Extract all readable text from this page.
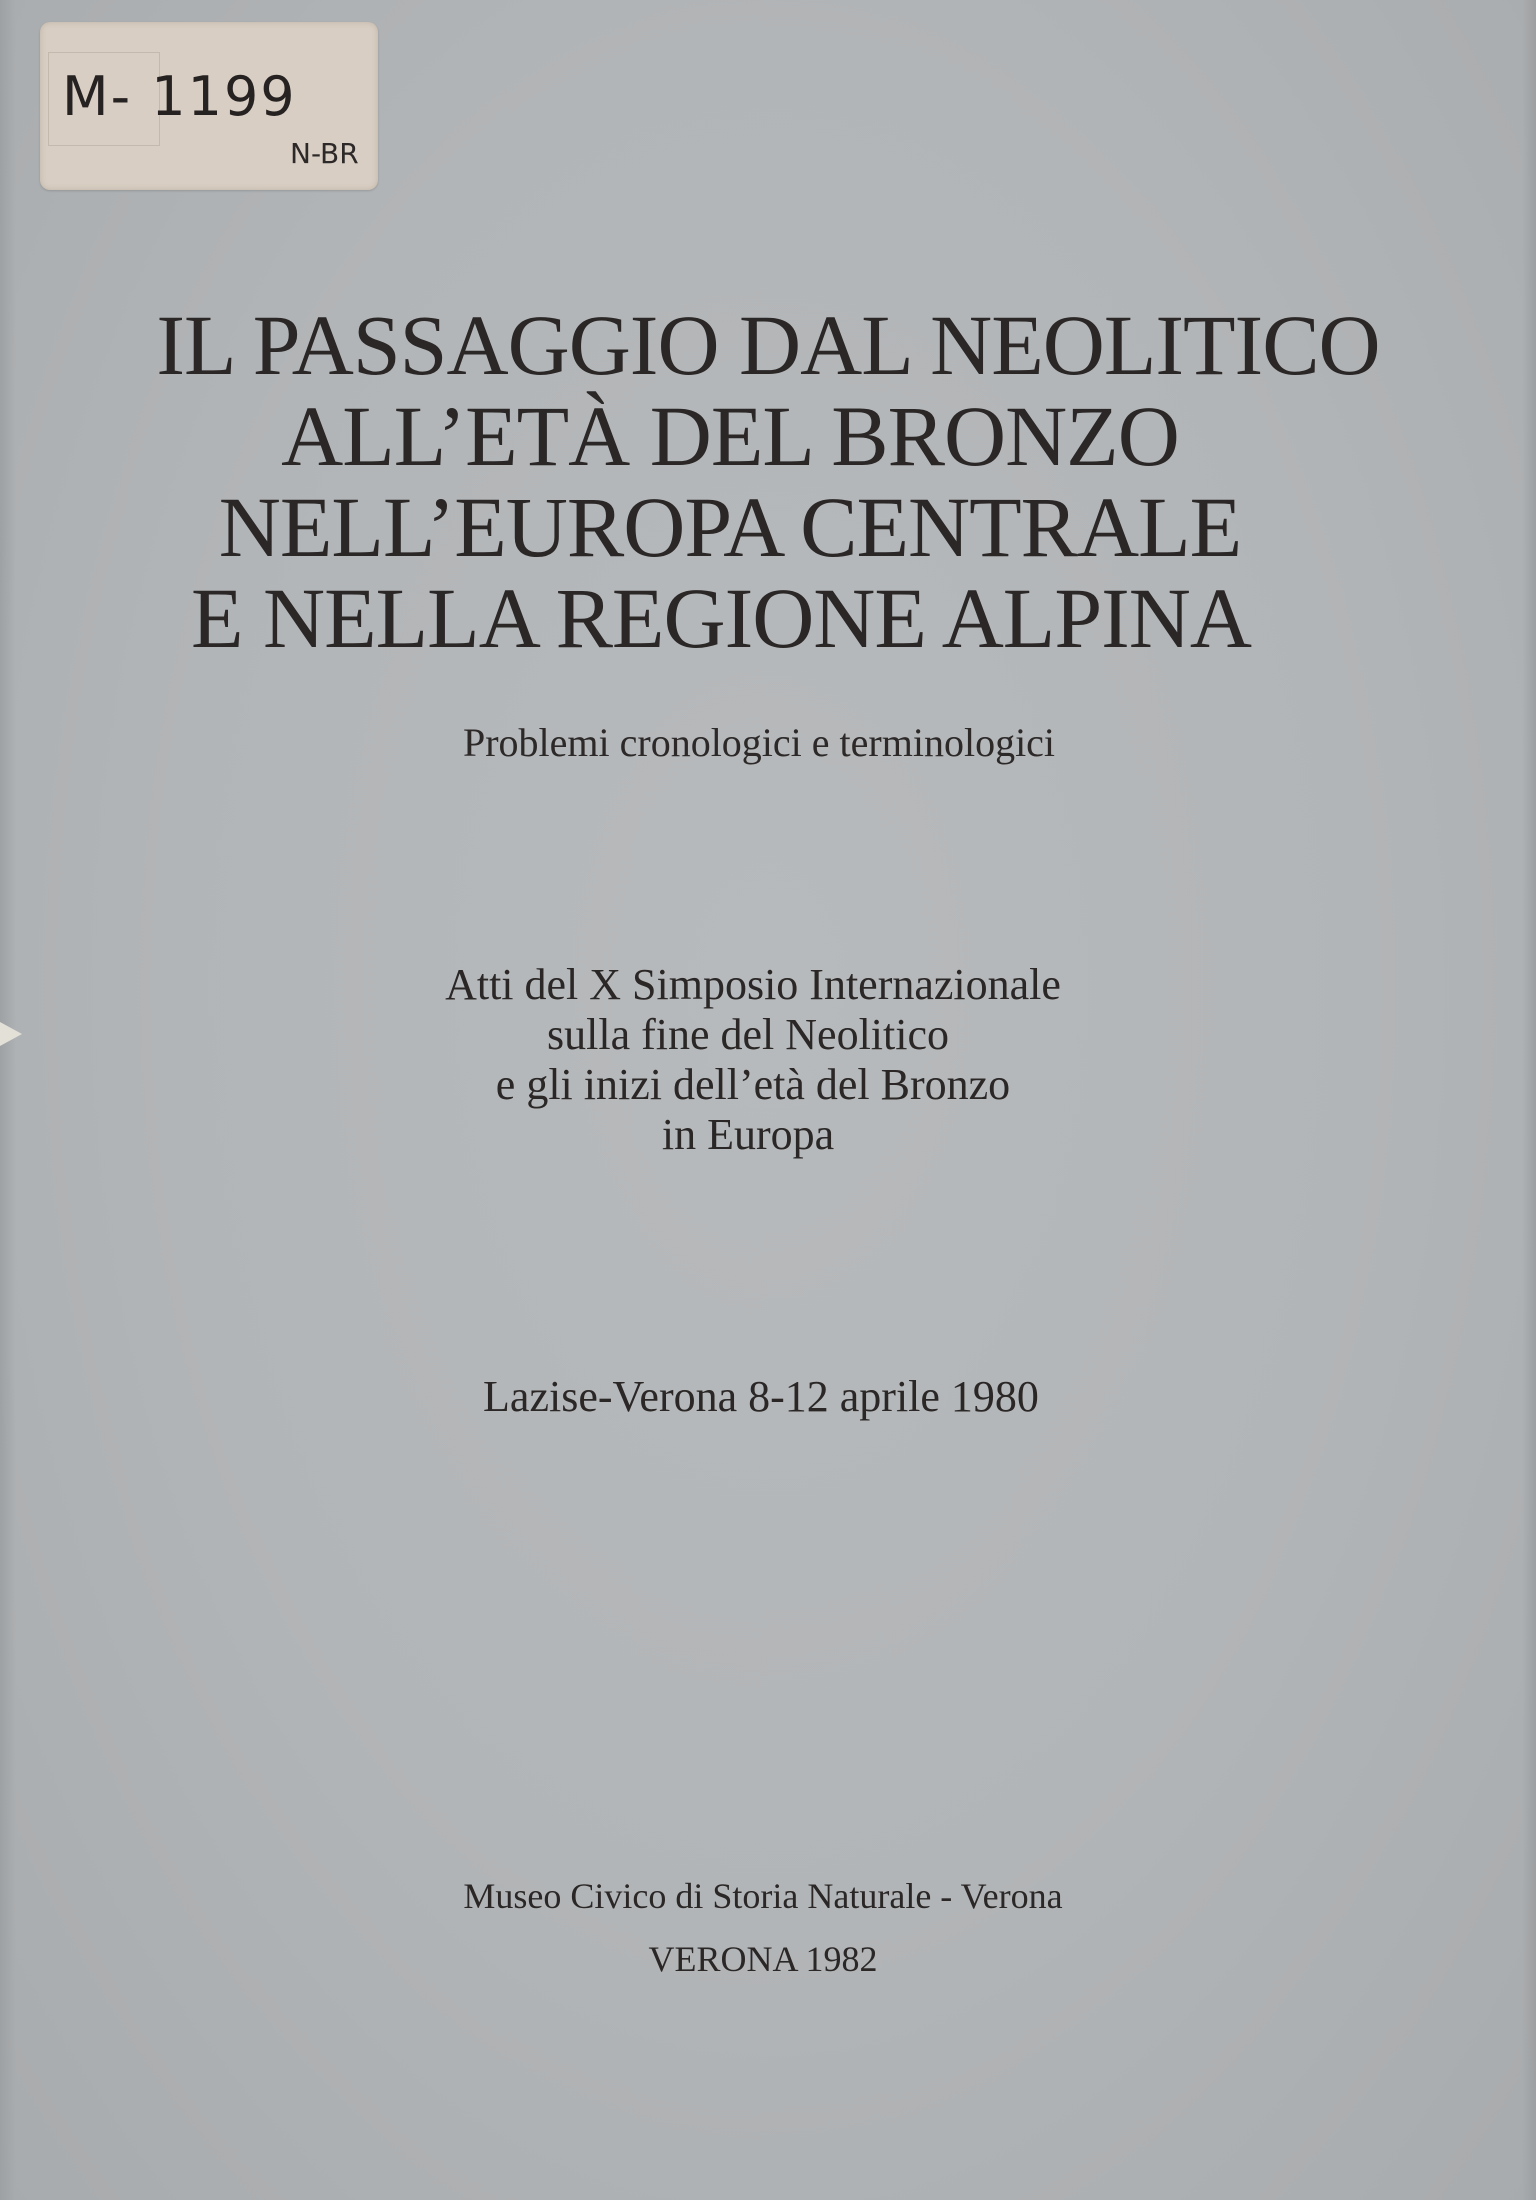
M- 1199
N-BR
IL PASSAGGIO DAL NEOLITICO
ALL’ETÀ DEL BRONZO
NELL’EUROPA CENTRALE
E NELLA REGIONE ALPINA
Problemi cronologici e terminologici
Atti del X Simposio Internazionale
sulla fine del Neolitico
e gli inizi dell’età del Bronzo
in Europa
Lazise-Verona 8-12 aprile 1980
Museo Civico di Storia Naturale - Verona
VERONA 1982
